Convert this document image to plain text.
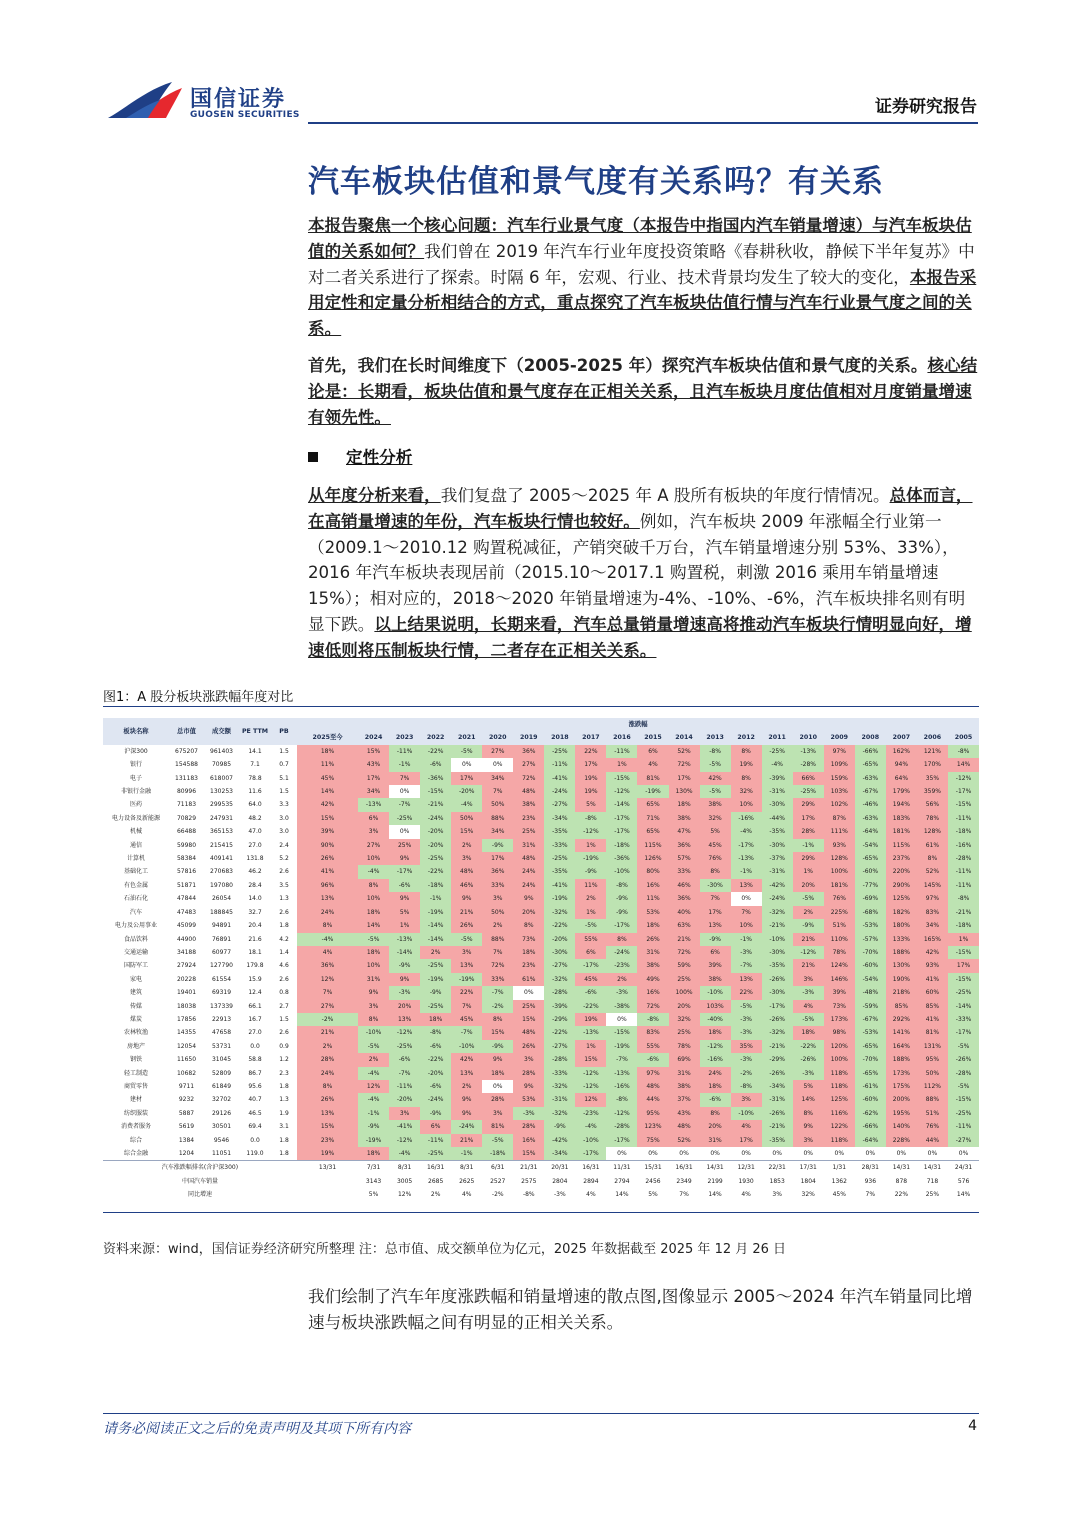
国信证券
GUOSEN SECURITIES	证券研究报告
汽车板块估值和景气度有关系吗？有关系
本报告聚焦一个核心问题：汽车行业景气度（本报告中指国内汽车销量增速）与汽车板块估值的关系如何？我们曾在 2019 年汽车行业年度投资策略《春耕秋收，静候下半年复苏》中对二者关系进行了探索。时隔 6 年，宏观、行业、技术背景均发生了较大的变化，本报告采用定性和定量分析相结合的方式，重点探究了汽车板块估值行情与汽车行业景气度之间的关系。
首先，我们在长时间维度下（2005-2025 年）探究汽车板块估值和景气度的关系。核心结论是：长期看，板块估值和景气度存在正相关关系，且汽车板块月度估值相对月度销量增速有领先性。
定性分析
从年度分析来看，我们复盘了 2005～2025 年 A 股所有板块的年度行情情况。总体而言，在高销量增速的年份，汽车板块行情也较好。例如，汽车板块 2009 年涨幅全行业第一（2009.1～2010.12 购置税减征，产销突破千万台，汽车销量增速分别 53%、33%），2016 年汽车板块表现居前（2015.10～2017.1 购置税，刺激 2016 乘用车销量增速 15%）；相对应的，2018～2020 年销量增速为-4%、-10%、-6%，汽车板块排名则有明显下跌。以上结果说明，长期来看，汽车总量销量增速高将推动汽车板块行情明显向好，增速低则将压制板块行情，二者存在正相关关系。
图1：A 股分板块涨跌幅年度对比
板块名称	总市值	成交额	PE TTM	PB	涨跌幅																				
					2025至今	2024	2023	2022	2021	2020	2019	2018	2017	2016	2015	2014	2013	2012	2011	2010	2009	2008	2007	2006	2005
沪深300	675207	961403	14.1	1.5	18%	15%	-11%	-22%	-5%	27%	36%	-25%	22%	-11%	6%	52%	-8%	8%	-25%	-13%	97%	-66%	162%	121%	-8%
银行	154588	70985	7.1	0.7	11%	43%	-1%	-6%	0%	0%	27%	-11%	17%	1%	4%	72%	-5%	19%	-4%	-28%	109%	-65%	94%	170%	14%
电子	131183	618007	78.8	5.1	45%	17%	7%	-36%	17%	34%	72%	-41%	19%	-15%	81%	17%	42%	8%	-39%	66%	159%	-63%	64%	35%	-12%
非银行金融	80996	130253	11.6	1.5	14%	34%	0%	-15%	-20%	7%	48%	-24%	19%	-12%	-19%	130%	-5%	32%	-31%	-25%	103%	-67%	179%	359%	-17%
医药	71183	299535	64.0	3.3	42%	-13%	-7%	-21%	-4%	50%	38%	-27%	5%	-14%	65%	18%	38%	10%	-30%	29%	102%	-46%	194%	56%	-15%
电力设备及新能源	70829	247931	48.2	3.0	15%	6%	-25%	-24%	50%	88%	23%	-34%	-8%	-17%	71%	38%	32%	-16%	-44%	17%	87%	-63%	183%	78%	-11%
机械	66488	365153	47.0	3.0	39%	3%	0%	-20%	15%	34%	25%	-35%	-12%	-17%	65%	47%	5%	-4%	-35%	28%	111%	-64%	181%	128%	-18%
通信	59980	215415	27.0	2.4	90%	27%	25%	-20%	2%	-9%	31%	-33%	1%	-18%	115%	36%	45%	-17%	-30%	-1%	93%	-54%	115%	61%	-16%
计算机	58384	409141	131.8	5.2	26%	10%	9%	-25%	3%	17%	48%	-25%	-19%	-36%	126%	57%	76%	-13%	-37%	29%	128%	-65%	237%	8%	-28%
基础化工	57816	270683	46.2	2.6	41%	-4%	-17%	-22%	48%	36%	24%	-35%	-9%	-10%	80%	33%	8%	-1%	-31%	1%	100%	-60%	220%	52%	-11%
有色金属	51871	197080	28.4	3.5	96%	8%	-6%	-18%	46%	33%	24%	-41%	11%	-8%	16%	46%	-30%	13%	-42%	20%	181%	-77%	290%	145%	-11%
石油石化	47844	26054	14.0	1.3	13%	10%	9%	-1%	9%	3%	9%	-19%	2%	-9%	11%	36%	7%	0%	-24%	-5%	76%	-69%	125%	97%	-8%
汽车	47483	188845	32.7	2.6	24%	18%	5%	-19%	21%	50%	20%	-32%	1%	-9%	53%	40%	17%	7%	-32%	2%	225%	-68%	182%	83%	-21%
电力及公用事业	45099	94891	20.4	1.8	8%	14%	1%	-14%	26%	2%	8%	-22%	-5%	-17%	18%	63%	13%	10%	-21%	-9%	51%	-53%	180%	34%	-18%
食品饮料	44900	76891	21.6	4.2	-4%	-5%	-13%	-14%	-5%	88%	73%	-20%	55%	8%	26%	21%	-9%	-1%	-10%	21%	110%	-57%	133%	165%	1%
交通运输	34188	60977	18.1	1.4	4%	18%	-14%	2%	3%	7%	18%	-30%	6%	-24%	31%	72%	6%	-3%	-30%	-12%	78%	-70%	188%	42%	-15%
国防军工	27924	127790	179.8	4.6	36%	10%	-9%	-25%	13%	72%	23%	-27%	-17%	-23%	38%	59%	39%	-7%	-35%	21%	124%	-60%	130%	93%	17%
家电	20228	61554	15.9	2.6	12%	31%	9%	-19%	-19%	33%	61%	-32%	45%	2%	49%	25%	38%	13%	-26%	3%	146%	-54%	190%	41%	-15%
建筑	19401	69319	12.4	0.8	7%	9%	-3%	-9%	22%	-7%	0%	-28%	-6%	-3%	16%	100%	-10%	22%	-30%	-3%	39%	-48%	218%	60%	-25%
传媒	18038	137339	66.1	2.7	27%	3%	20%	-25%	7%	-2%	25%	-39%	-22%	-38%	72%	20%	103%	-5%	-17%	4%	73%	-59%	85%	85%	-14%
煤炭	17856	22913	16.7	1.5	-2%	8%	13%	18%	45%	8%	15%	-29%	19%	0%	-8%	32%	-40%	-3%	-26%	-5%	173%	-67%	292%	41%	-33%
农林牧渔	14355	47658	27.0	2.6	21%	-10%	-12%	-8%	-7%	15%	48%	-22%	-13%	-15%	83%	25%	18%	-3%	-32%	18%	98%	-53%	141%	81%	-17%
房地产	12054	53731	0.0	0.9	2%	-5%	-25%	-6%	-10%	-9%	26%	-27%	1%	-19%	55%	78%	-12%	35%	-21%	-22%	120%	-65%	164%	131%	-5%
钢铁	11650	31045	58.8	1.2	28%	2%	-6%	-22%	42%	9%	3%	-28%	15%	-7%	-6%	69%	-16%	-3%	-29%	-26%	100%	-70%	188%	95%	-26%
轻工制造	10682	52809	86.7	2.3	24%	-4%	-7%	-20%	13%	18%	28%	-33%	-12%	-13%	97%	31%	24%	-2%	-26%	-3%	118%	-65%	173%	50%	-28%
商贸零售	9711	61849	95.6	1.8	8%	12%	-11%	-6%	2%	0%	9%	-32%	-12%	-16%	48%	38%	18%	-8%	-34%	5%	118%	-61%	175%	112%	-5%
建材	9232	32702	40.7	1.3	26%	-4%	-20%	-24%	9%	28%	53%	-31%	12%	-8%	44%	37%	-6%	3%	-31%	14%	125%	-60%	200%	88%	-15%
纺织服装	5887	29126	46.5	1.9	13%	-1%	3%	-9%	9%	3%	-3%	-32%	-23%	-12%	95%	43%	8%	-10%	-26%	8%	116%	-62%	195%	51%	-25%
消费者服务	5619	30501	69.4	3.1	15%	-9%	-41%	6%	-24%	81%	28%	-9%	-4%	-28%	123%	48%	20%	4%	-21%	9%	122%	-66%	140%	76%	-11%
综合	1384	9546	0.0	1.8	23%	-19%	-12%	-11%	21%	-5%	16%	-42%	-10%	-17%	75%	52%	31%	17%	-35%	3%	118%	-64%	228%	44%	-27%
综合金融	1204	11051	119.0	1.8	19%	18%	-4%	-25%	-1%	-18%	15%	-34%	-17%	0%	0%	0%	0%	0%	0%	0%	0%	0%	0%	0%	0%
汽车涨跌幅排名(含沪深300)					13/31	7/31	8/31	16/31	8/31	6/31	21/31	20/31	16/31	11/31	15/31	16/31	14/31	12/31	22/31	17/31	1/31	28/31	14/31	14/31	24/31
中国汽车销量						3143	3005	2685	2625	2527	2575	2804	2894	2794	2456	2349	2199	1930	1853	1804	1362	936	878	718	576
同比增速						5%	12%	2%	4%	-2%	-8%	-3%	4%	14%	5%	7%	14%	4%	3%	32%	45%	7%	22%	25%	14%
资料来源：wind，国信证券经济研究所整理 注：总市值、成交额单位为亿元，2025 年数据截至 2025 年 12 月 26 日
我们绘制了汽车年度涨跌幅和销量增速的散点图,图像显示 2005～2024 年汽车销量同比增速与板块涨跌幅之间有明显的正相关关系。
请务必阅读正文之后的免责声明及其项下所有内容	4
